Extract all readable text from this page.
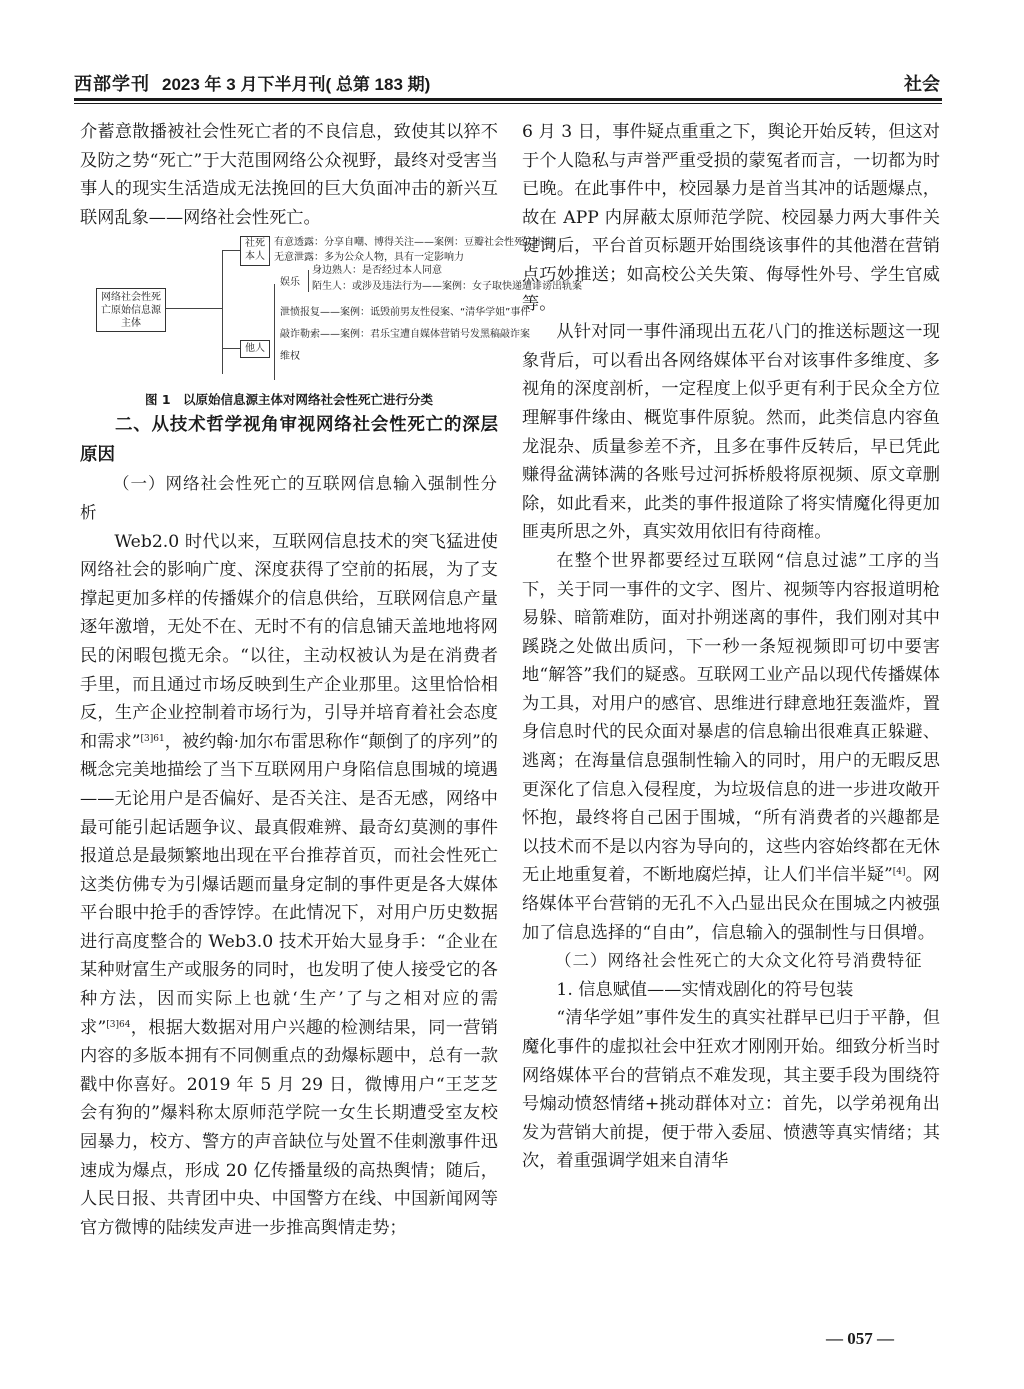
西部学刊 2023 年 3 月下半月刊( 总第 183 期)	社会

介蓄意散播被社会性死亡者的不良信息，致使其以猝不及防之势“死亡”于大范围网络公众视野，最终对受害当事人的现实生活造成无法挽回的巨大负面冲击的新兴互联网乱象——网络社会性死亡。

网络社会性死亡原始信息源主体
社死本人
有意透露：分享自嘲、博得关注——案例：豆瓣社会性死亡小组
无意泄露：多为公众人物，具有一定影响力
他人
娱乐
身边熟人：是否经过本人同意
陌生人：或涉及违法行为——案例：女子取快递遭诽谤出轨案
泄愤报复——案例：诋毁前男友性侵案、“清华学姐”事件
敲诈勒索——案例：君乐宝遭自媒体营销号发黑稿敲诈案
维权

图 1　以原始信息源主体对网络社会性死亡进行分类

二、从技术哲学视角审视网络社会性死亡的深层原因

（一）网络社会性死亡的互联网信息输入强制性分析

Web2.0 时代以来，互联网信息技术的突飞猛进使网络社会的影响广度、深度获得了空前的拓展，为了支撑起更加多样的传播媒介的信息供给，互联网信息产量逐年激增，无处不在、无时不有的信息铺天盖地地将网民的闲暇包揽无余。“以往，主动权被认为是在消费者手里，而且通过市场反映到生产企业那里。这里恰恰相反，生产企业控制着市场行为，引导并培育着社会态度和需求”$^{[3]61}$，被约翰·加尔布雷思称作“颠倒了的序列”的概念完美地描绘了当下互联网用户身陷信息围城的境遇——无论用户是否偏好、是否关注、是否无感，网络中最可能引起话题争议、最真假难辨、最奇幻莫测的事件报道总是最频繁地出现在平台推荐首页，而社会性死亡这类仿佛专为引爆话题而量身定制的事件更是各大媒体平台眼中抢手的香饽饽。在此情况下，对用户历史数据进行高度整合的 Web3.0 技术开始大显身手：“企业在某种财富生产或服务的同时，也发明了使人接受它的各种方法，因而实际上也就‘生产’了与之相对应的需求”$^{[3]64}$，根据大数据对用户兴趣的检测结果，同一营销内容的多版本拥有不同侧重点的劲爆标题中，总有一款戳中你喜好。2019 年 5 月 29 日，微博用户“王芝芝会有狗的”爆料称太原师范学院一女生长期遭受室友校园暴力，校方、警方的声音缺位与处置不佳刺激事件迅速成为爆点，形成 20 亿传播量级的高热舆情；随后，人民日报、共青团中央、中国警方在线、中国新闻网等官方微博的陆续发声进一步推高舆情走势；

6 月 3 日，事件疑点重重之下，舆论开始反转，但这对于个人隐私与声誉严重受损的蒙冤者而言，一切都为时已晚。在此事件中，校园暴力是首当其冲的话题爆点，故在 APP 内屏蔽太原师范学院、校园暴力两大事件关键词后，平台首页标题开始围绕该事件的其他潜在营销点巧妙推送；如高校公关失策、侮辱性外号、学生官威等。

从针对同一事件涌现出五花八门的推送标题这一现象背后，可以看出各网络媒体平台对该事件多维度、多视角的深度剖析，一定程度上似乎更有利于民众全方位理解事件缘由、概览事件原貌。然而，此类信息内容鱼龙混杂、质量参差不齐，且多在事件反转后，早已凭此赚得盆满钵满的各账号过河拆桥般将原视频、原文章删除，如此看来，此类的事件报道除了将实情魔化得更加匪夷所思之外，真实效用依旧有待商榷。

在整个世界都要经过互联网“信息过滤”工序的当下，关于同一事件的文字、图片、视频等内容报道明枪易躲、暗箭难防，面对扑朔迷离的事件，我们刚对其中蹊跷之处做出质问，下一秒一条短视频即可切中要害地“解答”我们的疑惑。互联网工业产品以现代传播媒体为工具，对用户的感官、思维进行肆意地狂轰滥炸，置身信息时代的民众面对暴虐的信息输出很难真正躲避、逃离；在海量信息强制性输入的同时，用户的无暇反思更深化了信息入侵程度，为垃圾信息的进一步进攻敞开怀抱，最终将自己困于围城，“所有消费者的兴趣都是以技术而不是以内容为导向的，这些内容始终都在无休无止地重复着，不断地腐烂掉，让人们半信半疑”[4]。网络媒体平台营销的无孔不入凸显出民众在围城之内被强加了信息选择的“自由”，信息输入的强制性与日俱增。

（二）网络社会性死亡的大众文化符号消费特征

1. 信息赋值——实情戏剧化的符号包装

“清华学姐”事件发生的真实社群早已归于平静，但魔化事件的虚拟社会中狂欢才刚刚开始。细致分析当时网络媒体平台的营销点不难发现，其主要手段为围绕符号煽动愤怒情绪+挑动群体对立：首先，以学弟视角出发为营销大前提，便于带入委屈、愤懑等真实情绪；其次，着重强调学姐来自清华

— 057 —
